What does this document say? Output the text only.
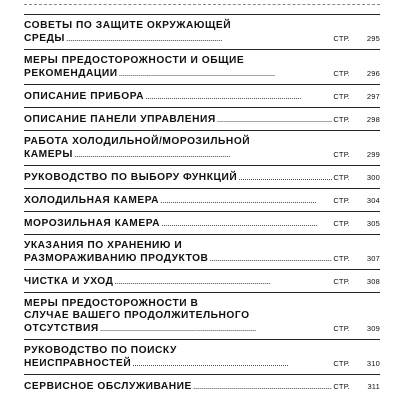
СОВЕТЫ ПО ЗАЩИТЕ ОКРУЖАЮЩЕЙ
СРЕДЫ . . .	СТР.	295
МЕРЫ ПРЕДОСТОРОЖНОСТИ И ОБЩИЕ
РЕКОМЕНДАЦИИ . . .	СТР.	296
ОПИСАНИЕ ПРИБОРА . . .	СТР.	297
ОПИСАНИЕ ПАНЕЛИ УПРАВЛЕНИЯ . . .	СТР.	298
РАБОТА ХОЛОДИЛЬНОЙ/МОРОЗИЛЬНОЙ
КАМЕРЫ . . .	СТР.	299
РУКОВОДСТВО ПО ВЫБОРУ ФУНКЦИЙ . . .	СТР.	300
ХОЛОДИЛЬНАЯ КАМЕРА . . .	СТР.	304
МОРОЗИЛЬНАЯ КАМЕРА . . .	СТР.	305
УКАЗАНИЯ ПО ХРАНЕНИЮ И
РАЗМОРАЖИВАНИЮ ПРОДУКТОВ . . .	СТР.	307
ЧИСТКА И УХОД . . .	СТР.	308
МЕРЫ ПРЕДОСТОРОЖНОСТИ В
СЛУЧАЕ ВАШЕГО ПРОДОЛЖИТЕЛЬНОГО
ОТСУТСТВИЯ . . .	СТР.	309
РУКОВОДСТВО ПО ПОИСКУ
НЕИСПРАВНОСТЕЙ . . .	СТР.	310
СЕРВИСНОЕ ОБСЛУЖИВАНИЕ . . .	СТР.	311
